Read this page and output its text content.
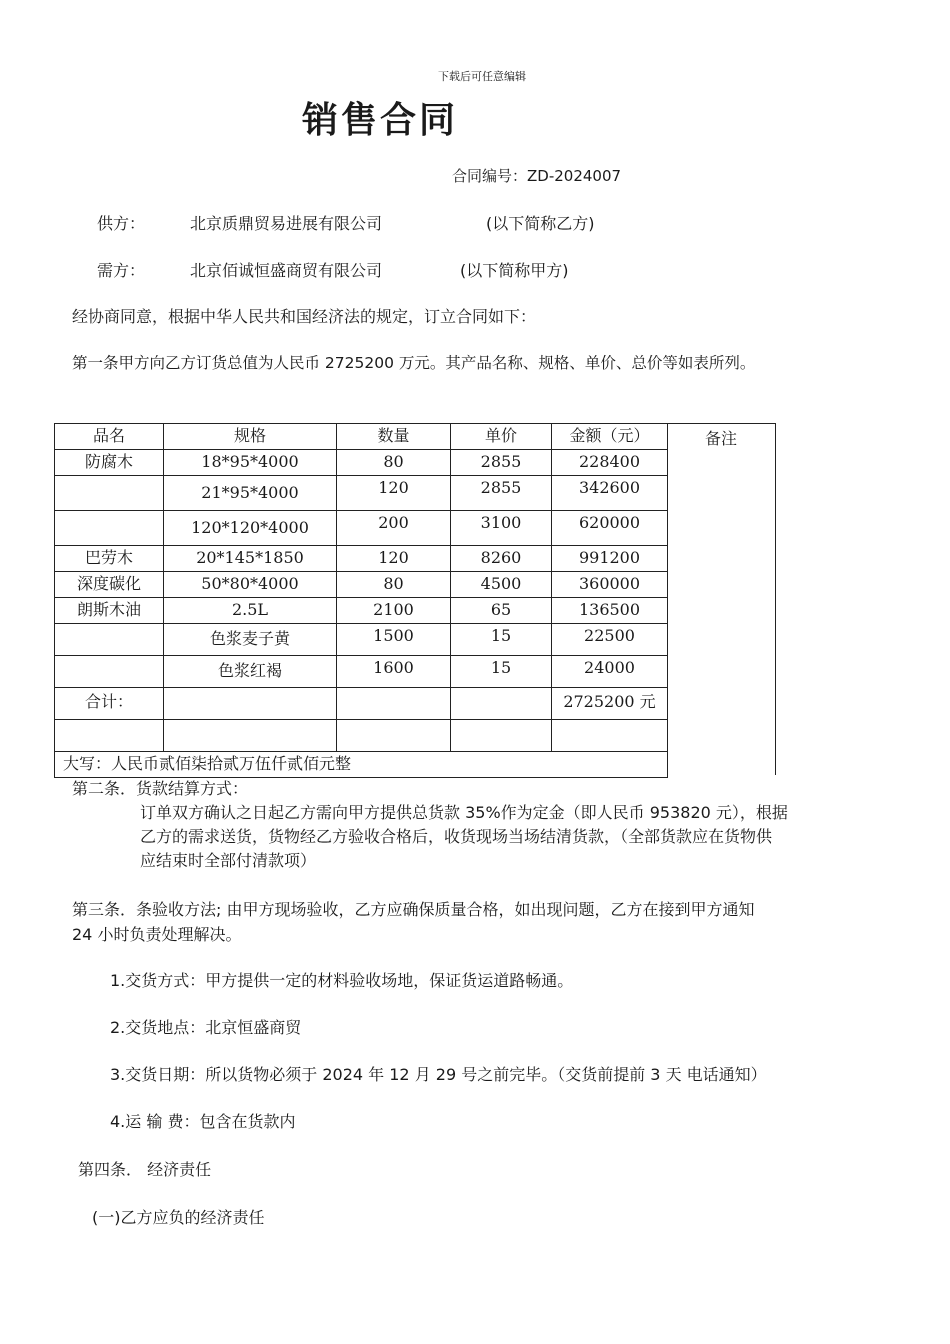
下载后可任意编辑
销售合同
合同编号：ZD-2024007
供方：	北京质鼎贸易进展有限公司	(以下简称乙方)
需方：	北京佰诚恒盛商贸有限公司	(以下简称甲方)

经协商同意，根据中华人民共和国经济法的规定，订立合同如下：

第一条甲方向乙方订货总值为人民币 2725200 万元。其产品名称、规格、单价、总价等如表所列。

品名	规格	数量	单价	金额（元）
防腐木	18*95*4000	80	2855	228400
	21*95*4000	120	2855	342600
	120*120*4000	200	3100	620000
巴劳木	20*145*1850	120	8260	991200
深度碳化	50*80*4000	80	4500	360000
朗斯木油	2.5L	2100	65	136500
	色浆麦子黄	1500	15	22500
	色浆红褐	1600	15	24000
合计：				2725200 元

大写：人民币贰佰柒拾贰万伍仟贰佰元整				
备注

第二条．货款结算方式：

订单双方确认之日起乙方需向甲方提供总货款 35%作为定金（即人民币 953820 元），根据

乙方的需求送货，货物经乙方验收合格后，收货现场当场结清货款，（全部货款应在货物供

应结束时全部付清款项）

第三条．条验收方法; 由甲方现场验收，乙方应确保质量合格，如出现问题，乙方在接到甲方通知

24 小时负责处理解决。

1.交货方式：甲方提供一定的材料验收场地，保证货运道路畅通。

2.交货地点：北京恒盛商贸

3.交货日期：所以货物必须于 2024 年 12 月 29 号之前完毕。（交货前提前 3 天 电话通知）

4.运 输 费：包含在货款内

第四条． 经济责任

(一)乙方应负的经济责任
